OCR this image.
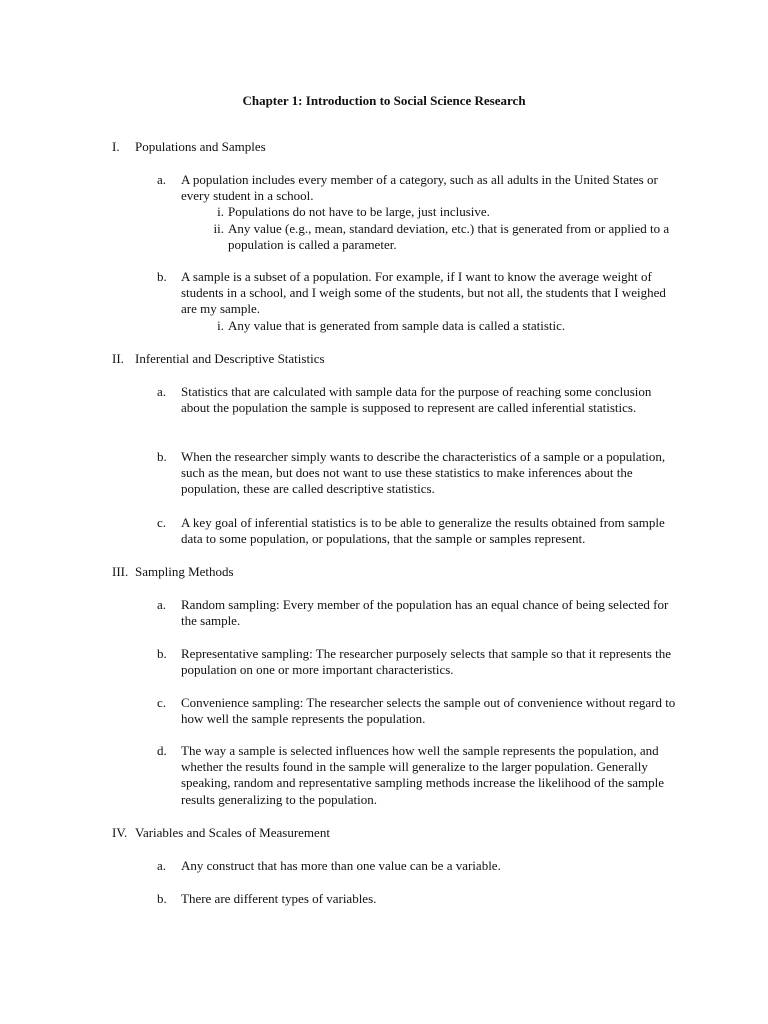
Chapter 1: Introduction to Social Science Research
I.	Populations and Samples
a.	A population includes every member of a category, such as all adults in the United States or every student in a school.
i. Populations do not have to be large, just inclusive.
ii. Any value (e.g., mean, standard deviation, etc.) that is generated from or applied to a population is called a parameter.
b.	A sample is a subset of a population. For example, if I want to know the average weight of students in a school, and I weigh some of the students, but not all, the students that I weighed are my sample.
i. Any value that is generated from sample data is called a statistic.
II. Inferential and Descriptive Statistics
a.	Statistics that are calculated with sample data for the purpose of reaching some conclusion about the population the sample is supposed to represent are called inferential statistics.
b.	When the researcher simply wants to describe the characteristics of a sample or a population, such as the mean, but does not want to use these statistics to make inferences about the population, these are called descriptive statistics.
c.	A key goal of inferential statistics is to be able to generalize the results obtained from sample data to some population, or populations, that the sample or samples represent.
III. Sampling Methods
a.	Random sampling: Every member of the population has an equal chance of being selected for the sample.
b.	Representative sampling: The researcher purposely selects that sample so that it represents the population on one or more important characteristics.
c.	Convenience sampling: The researcher selects the sample out of convenience without regard to how well the sample represents the population.
d.	The way a sample is selected influences how well the sample represents the population, and whether the results found in the sample will generalize to the larger population. Generally speaking, random and representative sampling methods increase the likelihood of the sample results generalizing to the population.
IV. Variables and Scales of Measurement
a.	Any construct that has more than one value can be a variable.
b.	There are different types of variables.
